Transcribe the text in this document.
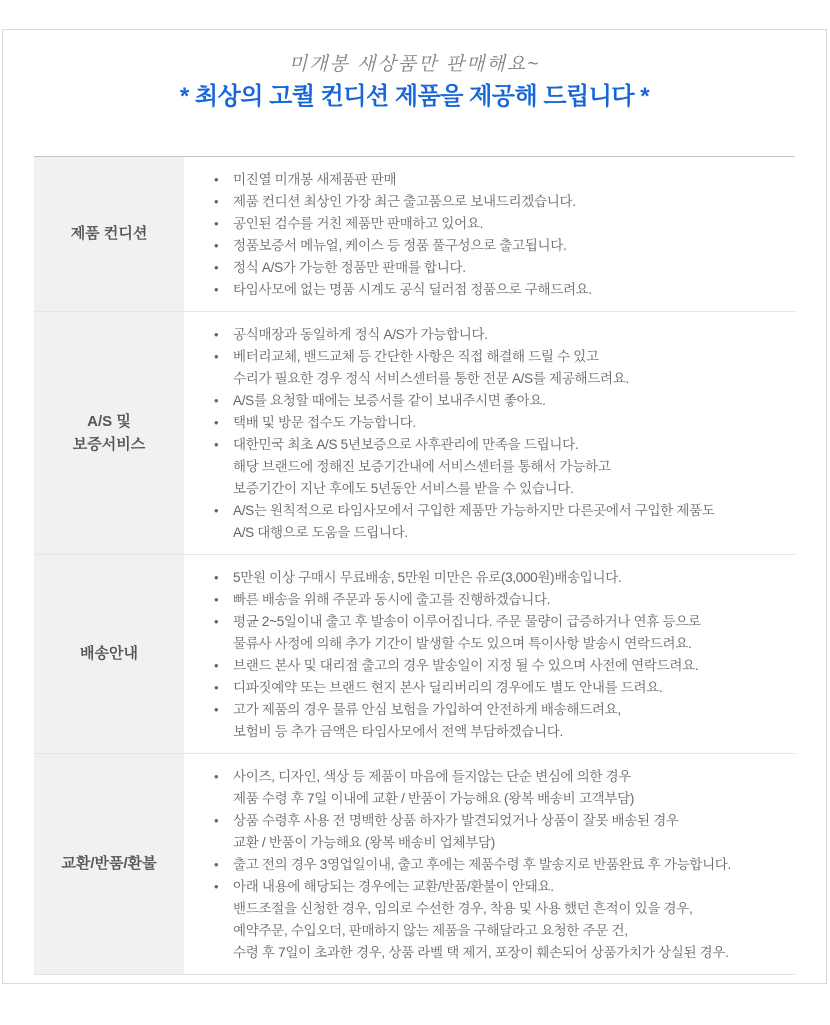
미개봉 새상품만 판매해요~
* 최상의 고퀄 컨디션 제품을 제공해 드립니다 *
제품 컨디션
• 미진열 미개봉 새제품판 판매
• 제품 컨디션 최상인 가장 최근 출고품으로 보내드리겠습니다.
• 공인된 검수를 거친 제품만 판매하고 있어요.
• 정품보증서 메뉴얼, 케이스 등 정품 풀구성으로 출고됩니다.
• 정식 A/S가 가능한 정품만 판매를 합니다.
• 타임사모에 없는 명품 시계도 공식 딜러점 정품으로 구해드려요.
A/S 및
보증서비스
• 공식매장과 동일하게 정식 A/S가 가능합니다.
• 베터리교체, 밴드교체 등 간단한 사항은 직접 해결해 드릴 수 있고
수리가 필요한 경우 정식 서비스센터를 통한 전문 A/S를 제공해드려요.
• A/S를 요청할 때에는 보증서를 같이 보내주시면 좋아요.
• 택배 및 방문 접수도 가능합니다.
• 대한민국 최초 A/S 5년보증으로 사후관리에 만족을 드립니다.
해당 브랜드에 정해진 보증기간내에 서비스센터를 통해서 가능하고
보증기간이 지난 후에도 5년동안 서비스를 받을 수 있습니다.
• A/S는 원칙적으로 타임사모에서 구입한 제품만 가능하지만 다른곳에서 구입한 제품도
A/S 대행으로 도움을 드립니다.
배송안내
• 5만원 이상 구매시 무료배송, 5만원 미만은 유로(3,000원)배송입니다.
• 빠른 배송을 위해 주문과 동시에 출고를 진행하겠습니다.
• 평균 2~5일이내 출고 후 발송이 이루어집니다. 주문 물량이 급증하거나 연휴 등으로
물류사 사정에 의해 추가 기간이 발생할 수도 있으며 특이사항 발송시 연락드려요.
• 브랜드 본사 및 대리점 출고의 경우 발송일이 지정 될 수 있으며 사전에 연락드려요.
• 디파짓예약 또는 브랜드 현지 본사 딜리버리의 경우에도 별도 안내를 드려요.
• 고가 제품의 경우 물류 안심 보험을 가입하여 안전하게 배송해드려요,
보험비 등 추가 금액은 타임사모에서 전액 부담하겠습니다.
교환/반품/환불
• 사이즈, 디자인, 색상 등 제품이 마음에 들지않는 단순 변심에 의한 경우
제품 수령 후 7일 이내에 교환 / 반품이 가능해요 (왕복 배송비 고객부담)
• 상품 수령후 사용 전 명백한 상품 하자가 발견되었거나 상품이 잘못 배송된 경우
교환 / 반품이 가능해요 (왕복 배송비 업체부담)
• 출고 전의 경우 3영업일이내, 출고 후에는 제품수령 후 발송지로 반품완료 후 가능합니다.
• 아래 내용에 해당되는 경우에는 교환/반품/환불이 안돼요.
밴드조절을 신청한 경우, 임의로 수선한 경우, 착용 및 사용 했던 흔적이 있을 경우,
예약주문, 수입오더, 판매하지 않는 제품을 구해달라고 요청한 주문 건,
수령 후 7일이 초과한 경우, 상품 라벨 택 제거, 포장이 훼손되어 상품가치가 상실된 경우.
